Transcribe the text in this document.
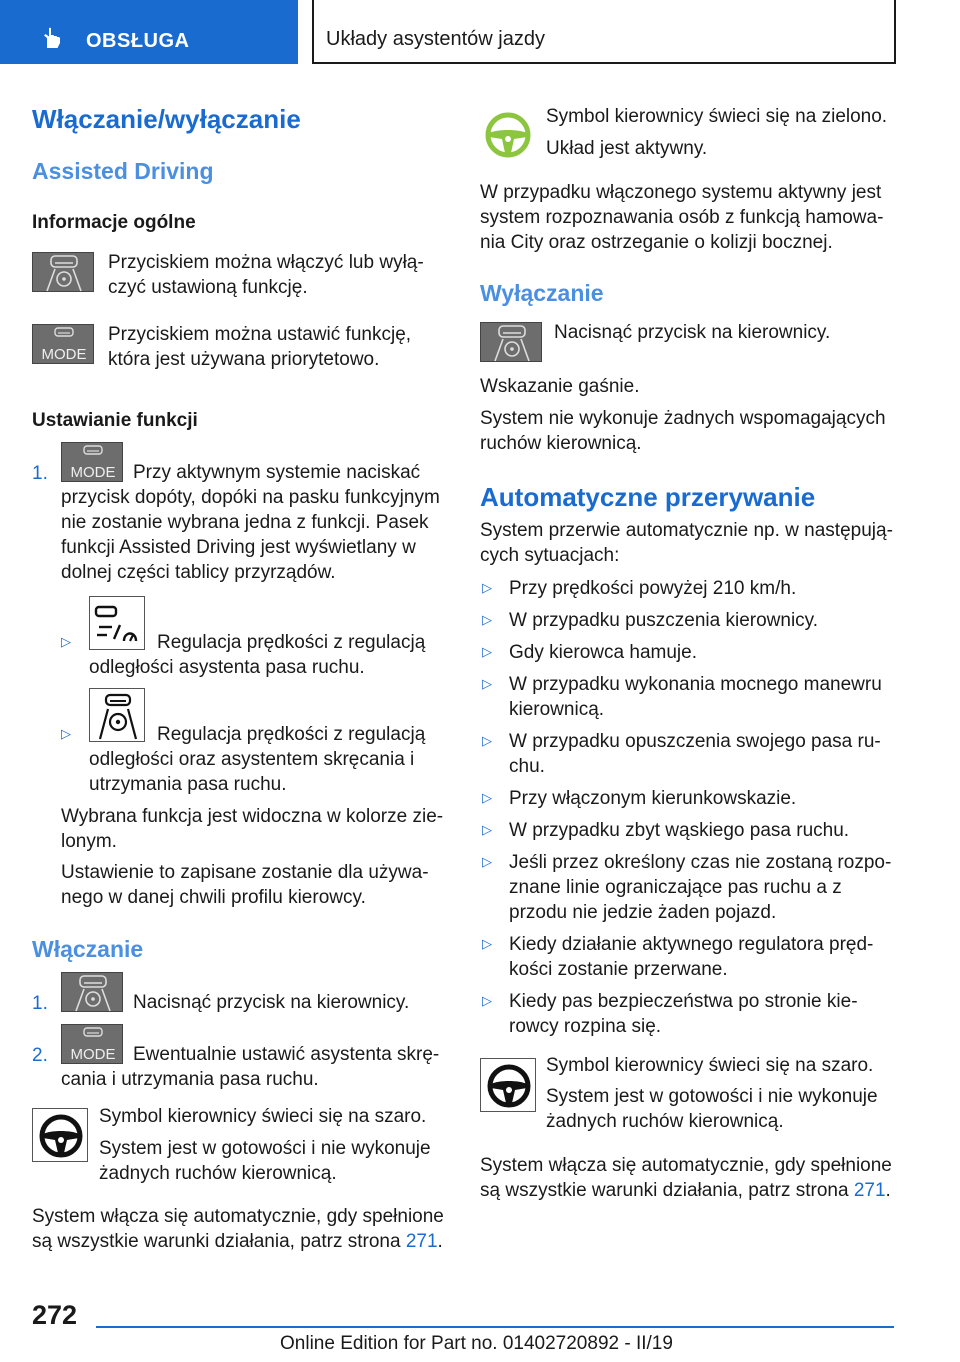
OBSŁUGA	Układy asystentów jazdy
Włączanie/wyłączanie
Assisted Driving
Informacje ogólne
Przyciskiem można włączyć lub wyłą-
czyć ustawioną funkcję.
MODE
Przyciskiem można ustawić funkcję,
która jest używana priorytetowo.
Ustawianie funkcji
1. MODE Przy aktywnym systemie naciskać
przycisk dopóty, dopóki na pasku funkcyjnym
nie zostanie wybrana jedna z funkcji. Pasek
funkcji Assisted Driving jest wyświetlany w
dolnej części tablicy przyrządów.
▷	Regulacja prędkości z regulacją
odległości asystenta pasa ruchu.
▷	Regulacja prędkości z regulacją
odległości oraz asystentem skręcania i
utrzymania pasa ruchu.
Wybrana funkcja jest widoczna w kolorze zie-
lonym.
Ustawienie to zapisane zostanie dla używa-
nego w danej chwili profilu kierowcy.
Włączanie
1.	Nacisnąć przycisk na kierownicy.
2. MODE Ewentualnie ustawić asystenta skrę-
cania i utrzymania pasa ruchu.
Symbol kierownicy świeci się na szaro.
System jest w gotowości i nie wykonuje
żadnych ruchów kierownicą.
System włącza się automatycznie, gdy spełnione
są wszystkie warunki działania, patrz strona 271.
Symbol kierownicy świeci się na zielono.
Układ jest aktywny.
W przypadku włączonego systemu aktywny jest
system rozpoznawania osób z funkcją hamowa-
nia City oraz ostrzeganie o kolizji bocznej.
Wyłączanie
Nacisnąć przycisk na kierownicy.
Wskazanie gaśnie.
System nie wykonuje żadnych wspomagających
ruchów kierownicą.
Automatyczne przerywanie
System przerwie automatycznie np. w następują-
cych sytuacjach:
▷ Przy prędkości powyżej 210 km/h.
▷ W przypadku puszczenia kierownicy.
▷ Gdy kierowca hamuje.
▷ W przypadku wykonania mocnego manewru
kierownicą.
▷ W przypadku opuszczenia swojego pasa ru-
chu.
▷ Przy włączonym kierunkowskazie.
▷ W przypadku zbyt wąskiego pasa ruchu.
▷ Jeśli przez określony czas nie zostaną rozpo-
znane linie ograniczające pas ruchu a z
przodu nie jedzie żaden pojazd.
▷ Kiedy działanie aktywnego regulatora pręd-
kości zostanie przerwane.
▷ Kiedy pas bezpieczeństwa po stronie kie-
rowcy rozpina się.
Symbol kierownicy świeci się na szaro.
System jest w gotowości i nie wykonuje
żadnych ruchów kierownicą.
System włącza się automatycznie, gdy spełnione
są wszystkie warunki działania, patrz strona 271.
272
Online Edition for Part no. 01402720892 - II/19
